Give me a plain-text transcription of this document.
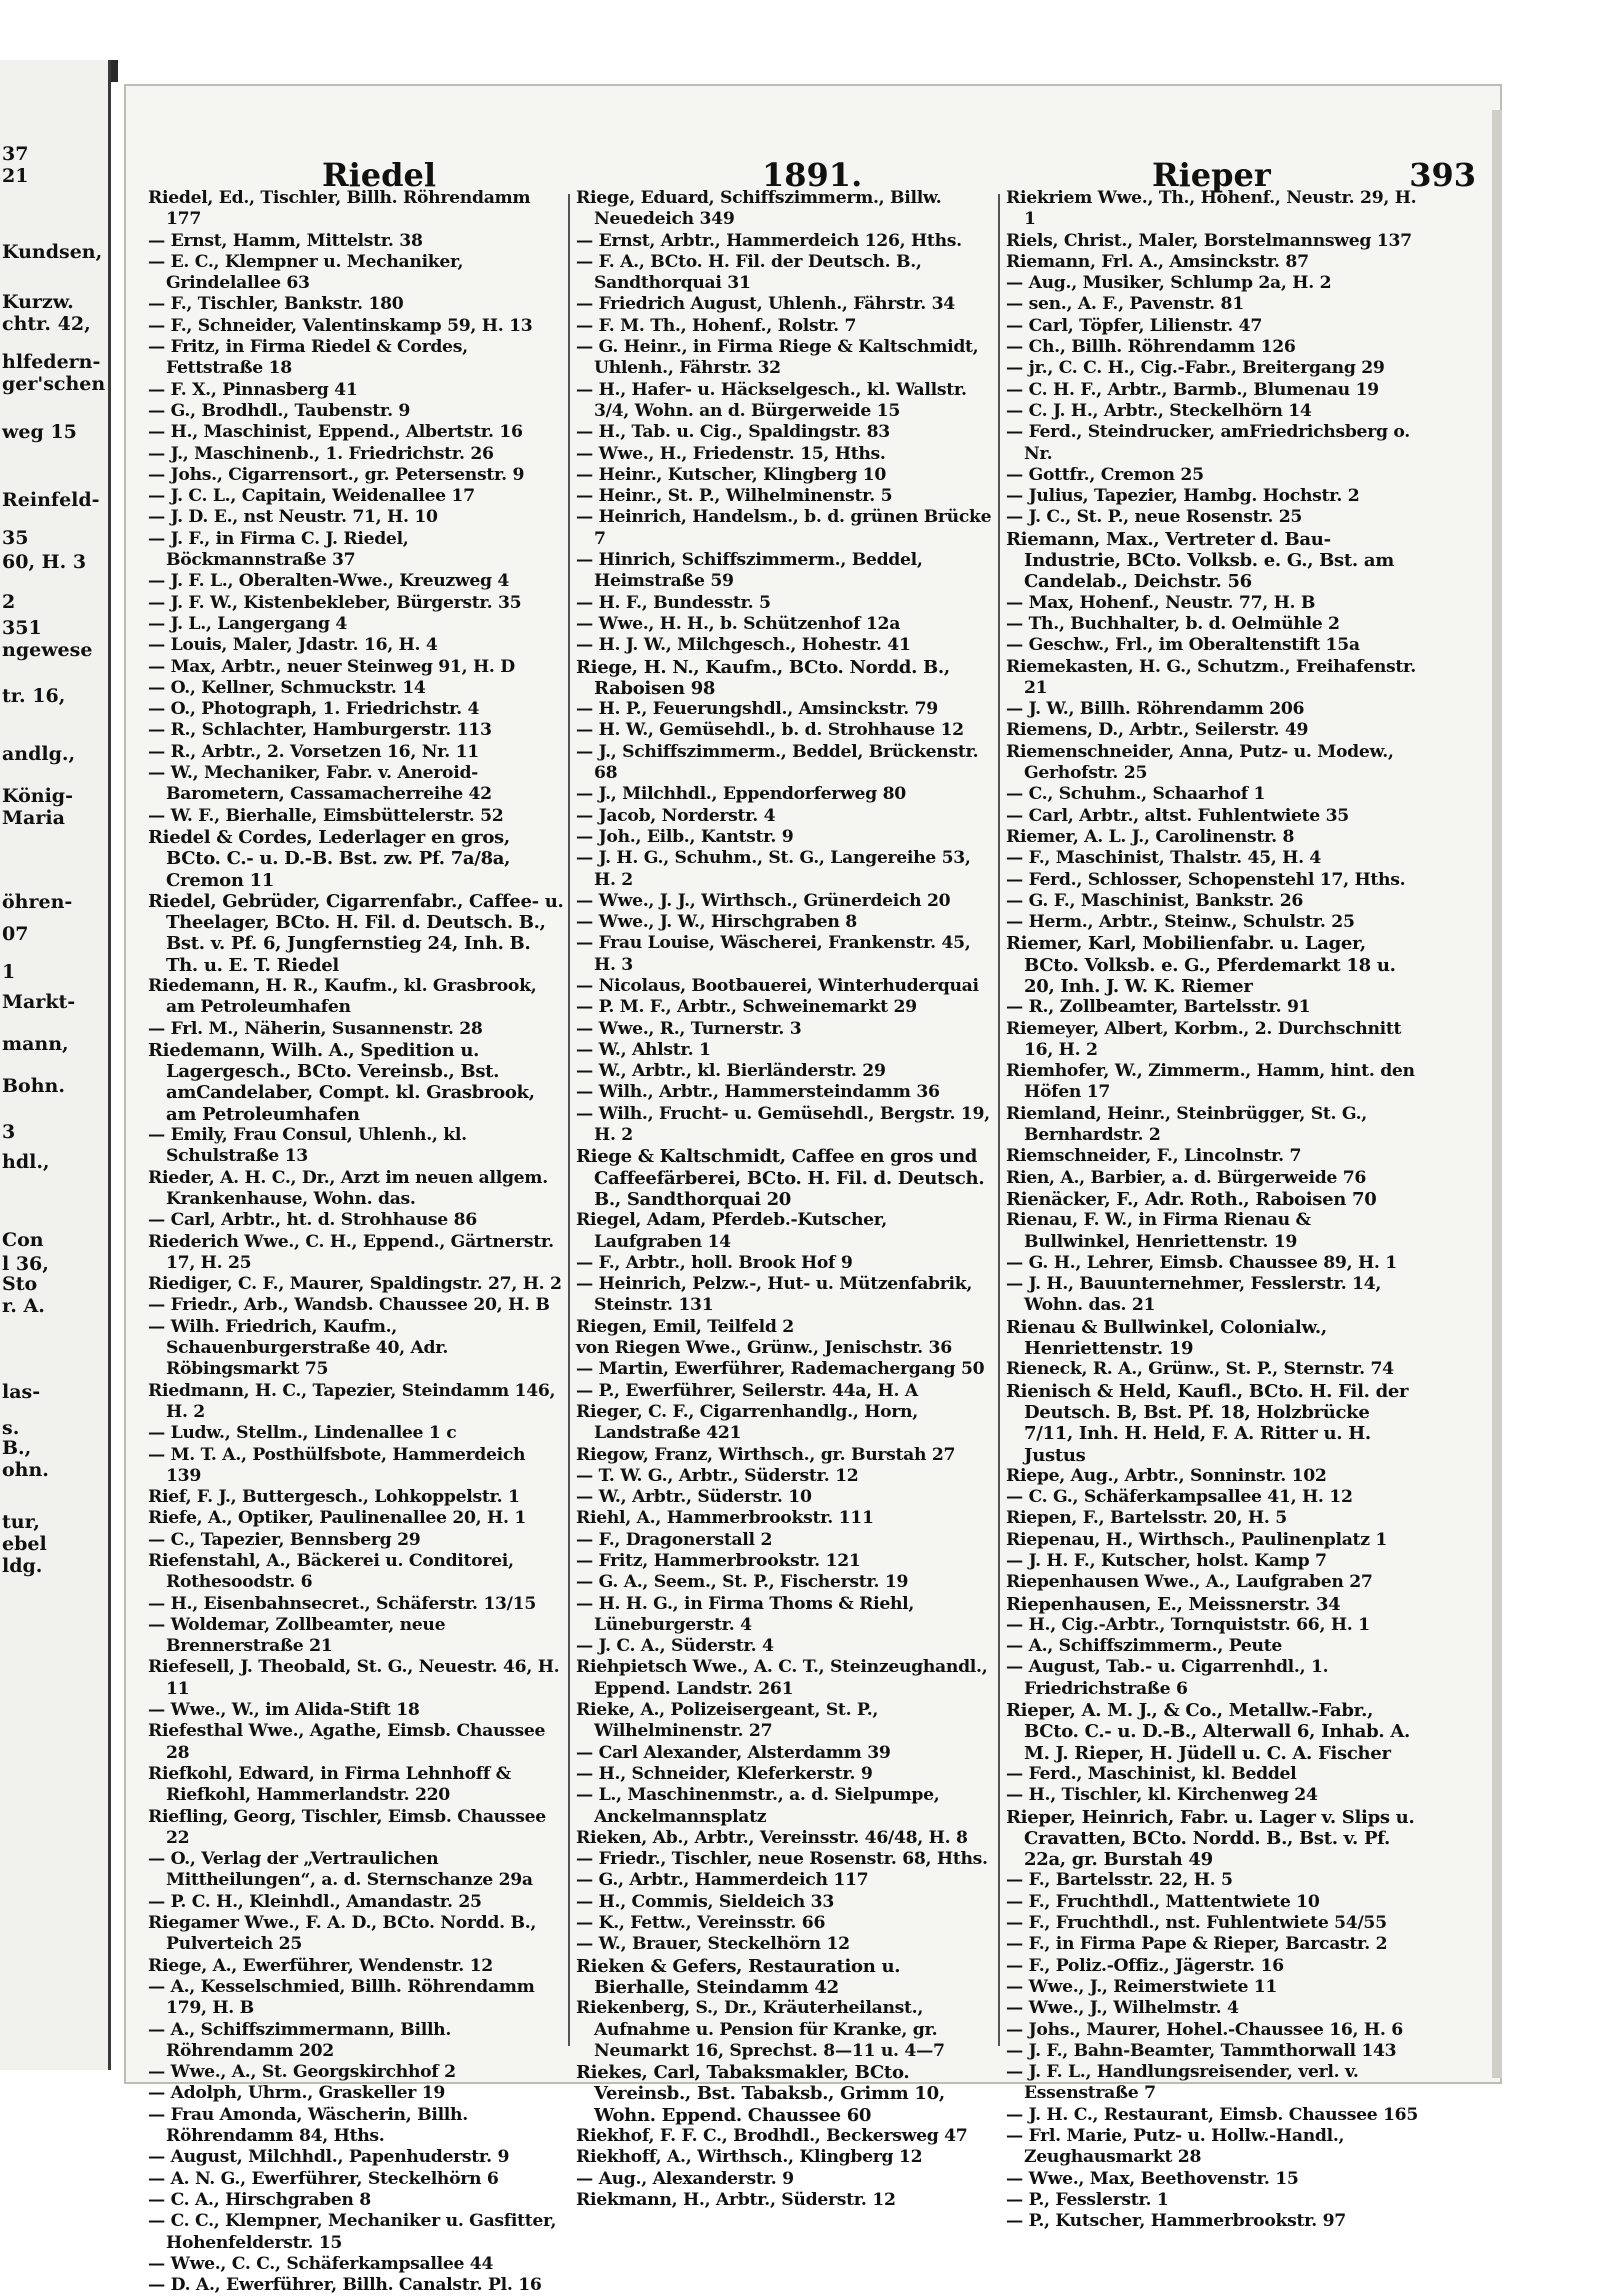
37
21
Kundsen,
Kurzw.
chtr. 42,
hlfedern-
ger'schen
weg 15
Reinfeld-
35
60, H. 3
2
351
ngewese
tr. 16,
andlg.,
König-
Maria
öhren-
07
1
Markt-
mann,
Bohn.
3
hdl.,
Con
l 36,
Sto
r. A.
las-
s.
B.,
ohn.
tur,
ebel
ldg.
Riedel	1891.	Rieper	393

Riedel, Ed., Tischler, Billh. Röhrendamm 177

— Ernst, Hamm, Mittelstr. 38

— E. C., Klempner u. Mechaniker, Grindelallee 63

— F., Tischler, Bankstr. 180

— F., Schneider, Valentinskamp 59, H. 13

— Fritz, in Firma Riedel & Cordes, Fettstraße 18

— F. X., Pinnasberg 41

— G., Brodhdl., Taubenstr. 9

— H., Maschinist, Eppend., Albertstr. 16

— J., Maschinenb., 1. Friedrichstr. 26

— Johs., Cigarrensort., gr. Petersenstr. 9

— J. C. L., Capitain, Weidenallee 17

— J. D. E., nst Neustr. 71, H. 10

— J. F., in Firma C. J. Riedel, Böckmannstraße 37

— J. F. L., Oberalten-Wwe., Kreuzweg 4

— J. F. W., Kistenbekleber, Bürgerstr. 35

— J. L., Langergang 4

— Louis, Maler, Jdastr. 16, H. 4

— Max, Arbtr., neuer Steinweg 91, H. D

— O., Kellner, Schmuckstr. 14

— O., Photograph, 1. Friedrichstr. 4

— R., Schlachter, Hamburgerstr. 113

— R., Arbtr., 2. Vorsetzen 16, Nr. 11

— W., Mechaniker, Fabr. v. Aneroid-Barometern, Cassamacherreihe 42

— W. F., Bierhalle, Eimsbüttelerstr. 52

Riedel & Cordes, Lederlager en gros, BCto. C.- u. D.-B. Bst. zw. Pf. 7a/8a, Cremon 11

Riedel, Gebrüder, Cigarrenfabr., Caffee- u. Theelager, BCto. H. Fil. d. Deutsch. B., Bst. v. Pf. 6, Jungfernstieg 24, Inh. B. Th. u. E. T. Riedel

Riedemann, H. R., Kaufm., kl. Grasbrook, am Petroleumhafen

— Frl. M., Näherin, Susannenstr. 28

Riedemann, Wilh. A., Spedition u. Lagergesch., BCto. Vereinsb., Bst. amCandelaber, Compt. kl. Grasbrook, am Petroleumhafen

— Emily, Frau Consul, Uhlenh., kl. Schulstraße 13

Rieder, A. H. C., Dr., Arzt im neuen allgem. Krankenhause, Wohn. das.

— Carl, Arbtr., ht. d. Strohhause 86

Riederich Wwe., C. H., Eppend., Gärtnerstr. 17, H. 25

Riediger, C. F., Maurer, Spaldingstr. 27, H. 2

— Friedr., Arb., Wandsb. Chaussee 20, H. B

— Wilh. Friedrich, Kaufm., Schauenburgerstraße 40, Adr. Röbingsmarkt 75

Riedmann, H. C., Tapezier, Steindamm 146, H. 2

— Ludw., Stellm., Lindenallee 1 c

— M. T. A., Posthülfsbote, Hammerdeich 139

Rief, F. J., Buttergesch., Lohkoppelstr. 1

Riefe, A., Optiker, Paulinenallee 20, H. 1

— C., Tapezier, Bennsberg 29

Riefenstahl, A., Bäckerei u. Conditorei, Rothesoodstr. 6

— H., Eisenbahnsecret., Schäferstr. 13/15

— Woldemar, Zollbeamter, neue Brennerstraße 21

Riefesell, J. Theobald, St. G., Neuestr. 46, H. 11

— Wwe., W., im Alida-Stift 18

Riefesthal Wwe., Agathe, Eimsb. Chaussee 28

Riefkohl, Edward, in Firma Lehnhoff & Riefkohl, Hammerlandstr. 220

Riefling, Georg, Tischler, Eimsb. Chaussee 22

— O., Verlag der „Vertraulichen Mittheilungen“, a. d. Sternschanze 29a

— P. C. H., Kleinhdl., Amandastr. 25

Riegamer Wwe., F. A. D., BCto. Nordd. B., Pulverteich 25

Riege, A., Ewerführer, Wendenstr. 12

— A., Kesselschmied, Billh. Röhrendamm 179, H. B

— A., Schiffszimmermann, Billh. Röhrendamm 202

— Wwe., A., St. Georgskirchhof 2

— Adolph, Uhrm., Graskeller 19

— Frau Amonda, Wäscherin, Billh. Röhrendamm 84, Hths.

— August, Milchhdl., Papenhuderstr. 9

— A. N. G., Ewerführer, Steckelhörn 6

— C. A., Hirschgraben 8

— C. C., Klempner, Mechaniker u. Gasfitter, Hohenfelderstr. 15

— Wwe., C. C., Schäferkampsallee 44

— D. A., Ewerführer, Billh. Canalstr. Pl. 16

Riege, Eduard, Schiffszimmerm., Billw. Neuedeich 349

— Ernst, Arbtr., Hammerdeich 126, Hths.

— F. A., BCto. H. Fil. der Deutsch. B., Sandthorquai 31

— Friedrich August, Uhlenh., Fährstr. 34

— F. M. Th., Hohenf., Rolstr. 7

— G. Heinr., in Firma Riege & Kaltschmidt, Uhlenh., Fährstr. 32

— H., Hafer- u. Häckselgesch., kl. Wallstr. 3/4, Wohn. an d. Bürgerweide 15

— H., Tab. u. Cig., Spaldingstr. 83

— Wwe., H., Friedenstr. 15, Hths.

— Heinr., Kutscher, Klingberg 10

— Heinr., St. P., Wilhelminenstr. 5

— Heinrich, Handelsm., b. d. grünen Brücke 7

— Hinrich, Schiffszimmerm., Beddel, Heimstraße 59

— H. F., Bundesstr. 5

— Wwe., H. H., b. Schützenhof 12a

— H. J. W., Milchgesch., Hohestr. 41

Riege, H. N., Kaufm., BCto. Nordd. B., Raboisen 98

— H. P., Feuerungshdl., Amsinckstr. 79

— H. W., Gemüsehdl., b. d. Strohhause 12

— J., Schiffszimmerm., Beddel, Brückenstr. 68

— J., Milchhdl., Eppendorferweg 80

— Jacob, Norderstr. 4

— Joh., Eilb., Kantstr. 9

— J. H. G., Schuhm., St. G., Langereihe 53, H. 2

— Wwe., J. J., Wirthsch., Grünerdeich 20

— Wwe., J. W., Hirschgraben 8

— Frau Louise, Wäscherei, Frankenstr. 45, H. 3

— Nicolaus, Bootbauerei, Winterhuderquai

— P. M. F., Arbtr., Schweinemarkt 29

— Wwe., R., Turnerstr. 3

— W., Ahlstr. 1

— W., Arbtr., kl. Bierländerstr. 29

— Wilh., Arbtr., Hammersteindamm 36

— Wilh., Frucht- u. Gemüsehdl., Bergstr. 19, H. 2

Riege & Kaltschmidt, Caffee en gros und Caffeefärberei, BCto. H. Fil. d. Deutsch. B., Sandthorquai 20

Riegel, Adam, Pferdeb.-Kutscher, Laufgraben 14

— F., Arbtr., holl. Brook Hof 9

— Heinrich, Pelzw.-, Hut- u. Mützenfabrik, Steinstr. 131

Riegen, Emil, Teilfeld 2

von Riegen Wwe., Grünw., Jenischstr. 36

— Martin, Ewerführer, Rademachergang 50

— P., Ewerführer, Seilerstr. 44a, H. A

Rieger, C. F., Cigarrenhandlg., Horn, Landstraße 421

Riegow, Franz, Wirthsch., gr. Burstah 27

— T. W. G., Arbtr., Süderstr. 12

— W., Arbtr., Süderstr. 10

Riehl, A., Hammerbrookstr. 111

— F., Dragonerstall 2

— Fritz, Hammerbrookstr. 121

— G. A., Seem., St. P., Fischerstr. 19

— H. H. G., in Firma Thoms & Riehl, Lüneburgerstr. 4

— J. C. A., Süderstr. 4

Riehpietsch Wwe., A. C. T., Steinzeughandl., Eppend. Landstr. 261

Rieke, A., Polizeisergeant, St. P., Wilhelminenstr. 27

— Carl Alexander, Alsterdamm 39

— H., Schneider, Kleferkerstr. 9

— L., Maschinenmstr., a. d. Sielpumpe, Anckelmannsplatz

Rieken, Ab., Arbtr., Vereinsstr. 46/48, H. 8

— Friedr., Tischler, neue Rosenstr. 68, Hths.

— G., Arbtr., Hammerdeich 117

— H., Commis, Sieldeich 33

— K., Fettw., Vereinsstr. 66

— W., Brauer, Steckelhörn 12

Rieken & Gefers, Restauration u. Bierhalle, Steindamm 42

Riekenberg, S., Dr., Kräuterheilanst., Aufnahme u. Pension für Kranke, gr. Neumarkt 16, Sprechst. 8—11 u. 4—7

Riekes, Carl, Tabaksmakler, BCto. Vereinsb., Bst. Tabaksb., Grimm 10, Wohn. Eppend. Chaussee 60

Riekhof, F. F. C., Brodhdl., Beckersweg 47

Riekhoff, A., Wirthsch., Klingberg 12

— Aug., Alexanderstr. 9

Riekmann, H., Arbtr., Süderstr. 12

Riekriem Wwe., Th., Hohenf., Neustr. 29, H. 1

Riels, Christ., Maler, Borstelmannsweg 137

Riemann, Frl. A., Amsinckstr. 87

— Aug., Musiker, Schlump 2a, H. 2

— sen., A. F., Pavenstr. 81

— Carl, Töpfer, Lilienstr. 47

— Ch., Billh. Röhrendamm 126

— jr., C. C. H., Cig.-Fabr., Breitergang 29

— C. H. F., Arbtr., Barmb., Blumenau 19

— C. J. H., Arbtr., Steckelhörn 14

— Ferd., Steindrucker, amFriedrichsberg o. Nr.

— Gottfr., Cremon 25

— Julius, Tapezier, Hambg. Hochstr. 2

— J. C., St. P., neue Rosenstr. 25

Riemann, Max., Vertreter d. Bau-Industrie, BCto. Volksb. e. G., Bst. am Candelab., Deichstr. 56

— Max, Hohenf., Neustr. 77, H. B

— Th., Buchhalter, b. d. Oelmühle 2

— Geschw., Frl., im Oberaltenstift 15a

Riemekasten, H. G., Schutzm., Freihafenstr. 21

— J. W., Billh. Röhrendamm 206

Riemens, D., Arbtr., Seilerstr. 49

Riemenschneider, Anna, Putz- u. Modew., Gerhofstr. 25

— C., Schuhm., Schaarhof 1

— Carl, Arbtr., altst. Fuhlentwiete 35

Riemer, A. L. J., Carolinenstr. 8

— F., Maschinist, Thalstr. 45, H. 4

— Ferd., Schlosser, Schopenstehl 17, Hths.

— G. F., Maschinist, Bankstr. 26

— Herm., Arbtr., Steinw., Schulstr. 25

Riemer, Karl, Mobilienfabr. u. Lager, BCto. Volksb. e. G., Pferdemarkt 18 u. 20, Inh. J. W. K. Riemer

— R., Zollbeamter, Bartelsstr. 91

Riemeyer, Albert, Korbm., 2. Durchschnitt 16, H. 2

Riemhofer, W., Zimmerm., Hamm, hint. den Höfen 17

Riemland, Heinr., Steinbrügger, St. G., Bernhardstr. 2

Riemschneider, F., Lincolnstr. 7

Rien, A., Barbier, a. d. Bürgerweide 76

Rienäcker, F., Adr. Roth., Raboisen 70

Rienau, F. W., in Firma Rienau & Bullwinkel, Henriettenstr. 19

— G. H., Lehrer, Eimsb. Chaussee 89, H. 1

— J. H., Bauunternehmer, Fesslerstr. 14, Wohn. das. 21

Rienau & Bullwinkel, Colonialw., Henriettenstr. 19

Rieneck, R. A., Grünw., St. P., Sternstr. 74

Rienisch & Held, Kaufl., BCto. H. Fil. der Deutsch. B, Bst. Pf. 18, Holzbrücke 7/11, Inh. H. Held, F. A. Ritter u. H. Justus

Riepe, Aug., Arbtr., Sonninstr. 102

— C. G., Schäferkampsallee 41, H. 12

Riepen, F., Bartelsstr. 20, H. 5

Riepenau, H., Wirthsch., Paulinenplatz 1

— J. H. F., Kutscher, holst. Kamp 7

Riepenhausen Wwe., A., Laufgraben 27

Riepenhausen, E., Meissnerstr. 34

— H., Cig.-Arbtr., Tornquiststr. 66, H. 1

— A., Schiffszimmerm., Peute

— August, Tab.- u. Cigarrenhdl., 1. Friedrichstraße 6

Rieper, A. M. J., & Co., Metallw.-Fabr., BCto. C.- u. D.-B., Alterwall 6, Inhab. A. M. J. Rieper, H. Jüdell u. C. A. Fischer

— Ferd., Maschinist, kl. Beddel

— H., Tischler, kl. Kirchenweg 24

Rieper, Heinrich, Fabr. u. Lager v. Slips u. Cravatten, BCto. Nordd. B., Bst. v. Pf. 22a, gr. Burstah 49

— F., Bartelsstr. 22, H. 5

— F., Fruchthdl., Mattentwiete 10

— F., Fruchthdl., nst. Fuhlentwiete 54/55

— F., in Firma Pape & Rieper, Barcastr. 2

— F., Poliz.-Offiz., Jägerstr. 16

— Wwe., J., Reimerstwiete 11

— Wwe., J., Wilhelmstr. 4

— Johs., Maurer, Hohel.-Chaussee 16, H. 6

— J. F., Bahn-Beamter, Tammthorwall 143

— J. F. L., Handlungsreisender, verl. v. Essenstraße 7

— J. H. C., Restaurant, Eimsb. Chaussee 165

— Frl. Marie, Putz- u. Hollw.-Handl., Zeughausmarkt 28

— Wwe., Max, Beethovenstr. 15

— P., Fesslerstr. 1

— P., Kutscher, Hammerbrookstr. 97
